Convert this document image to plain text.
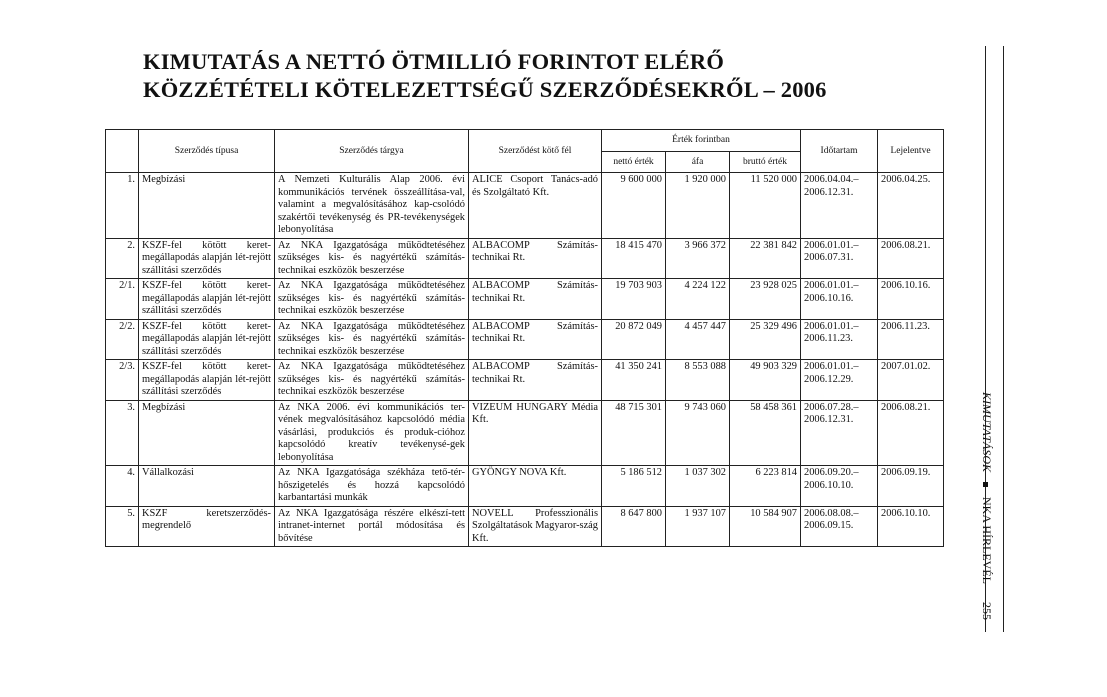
KIMUTATÁS A NETTÓ ÖTMILLIÓ FORINTOT ELÉRŐ
KÖZZÉTÉTELI KÖTELEZETTSÉGŰ SZERZŐDÉSEKRŐL – 2006
	Szerződés típusa	Szerződés tárgya	Szerződést kötő fél	Érték forintban			Időtartam	Lejelentve
				nettó érték	áfa	bruttó érték		
1.	Megbízási	A Nemzeti Kulturális Alap 2006. évi kommunikációs tervének összeállítása-val, valamint a megvalósításához kap-csolódó szakértői tevékenység és PR-tevékenységek lebonyolítása	ALICE Csoport Tanács-adó és Szolgáltató Kft.	9 600 000	1 920 000	11 520 000	2006.04.04.– 2006.12.31.	2006.04.25.
2.	KSZF-fel kötött keret-megállapodás alapján lét-rejött szállítási szerződés	Az NKA Igazgatósága működtetéséhez szükséges kis- és nagyértékű számítás-technikai eszközök beszerzése	ALBACOMP Számítás-technikai Rt.	18 415 470	3 966 372	22 381 842	2006.01.01.– 2006.07.31.	2006.08.21.
2/1.	KSZF-fel kötött keret-megállapodás alapján lét-rejött szállítási szerződés	Az NKA Igazgatósága működtetéséhez szükséges kis- és nagyértékű számítás-technikai eszközök beszerzése	ALBACOMP Számítás-technikai Rt.	19 703 903	4 224 122	23 928 025	2006.01.01.– 2006.10.16.	2006.10.16.
2/2.	KSZF-fel kötött keret-megállapodás alapján lét-rejött szállítási szerződés	Az NKA Igazgatósága működtetéséhez szükséges kis- és nagyértékű számítás-technikai eszközök beszerzése	ALBACOMP Számítás-technikai Rt.	20 872 049	4 457 447	25 329 496	2006.01.01.– 2006.11.23.	2006.11.23.
2/3.	KSZF-fel kötött keret-megállapodás alapján lét-rejött szállítási szerződés	Az NKA Igazgatósága működtetéséhez szükséges kis- és nagyértékű számítás-technikai eszközök beszerzése	ALBACOMP Számítás-technikai Rt.	41 350 241	8 553 088	49 903 329	2006.01.01.– 2006.12.29.	2007.01.02.
3.	Megbízási	Az NKA 2006. évi kommunikációs ter-vének megvalósításához kapcsolódó média vásárlási, produkciós és produk-cióhoz kapcsolódó kreatív tevékenysé-gek lebonyolítása	VIZEUM HUNGARY Média Kft.	48 715 301	9 743 060	58 458 361	2006.07.28.– 2006.12.31.	2006.08.21.
4.	Vállalkozási	Az NKA Igazgatósága székháza tető-tér-hőszigetelés és hozzá kapcsolódó karbantartási munkák	GYÖNGY NOVA Kft.	5 186 512	1 037 302	6 223 814	2006.09.20.– 2006.10.10.	2006.09.19.
5.	KSZF keretszerződés-megrendelő	Az NKA Igazgatósága részére elkészí-tett intranet-internet portál módosítása és bővítése	NOVELL Professzionális Szolgáltatások Magyaror-szág Kft.	8 647 800	1 937 107	10 584 907	2006.08.08.– 2006.09.15.	2006.10.10.
KIMUTATÁSOKNKA HÍRLEVÉL255
